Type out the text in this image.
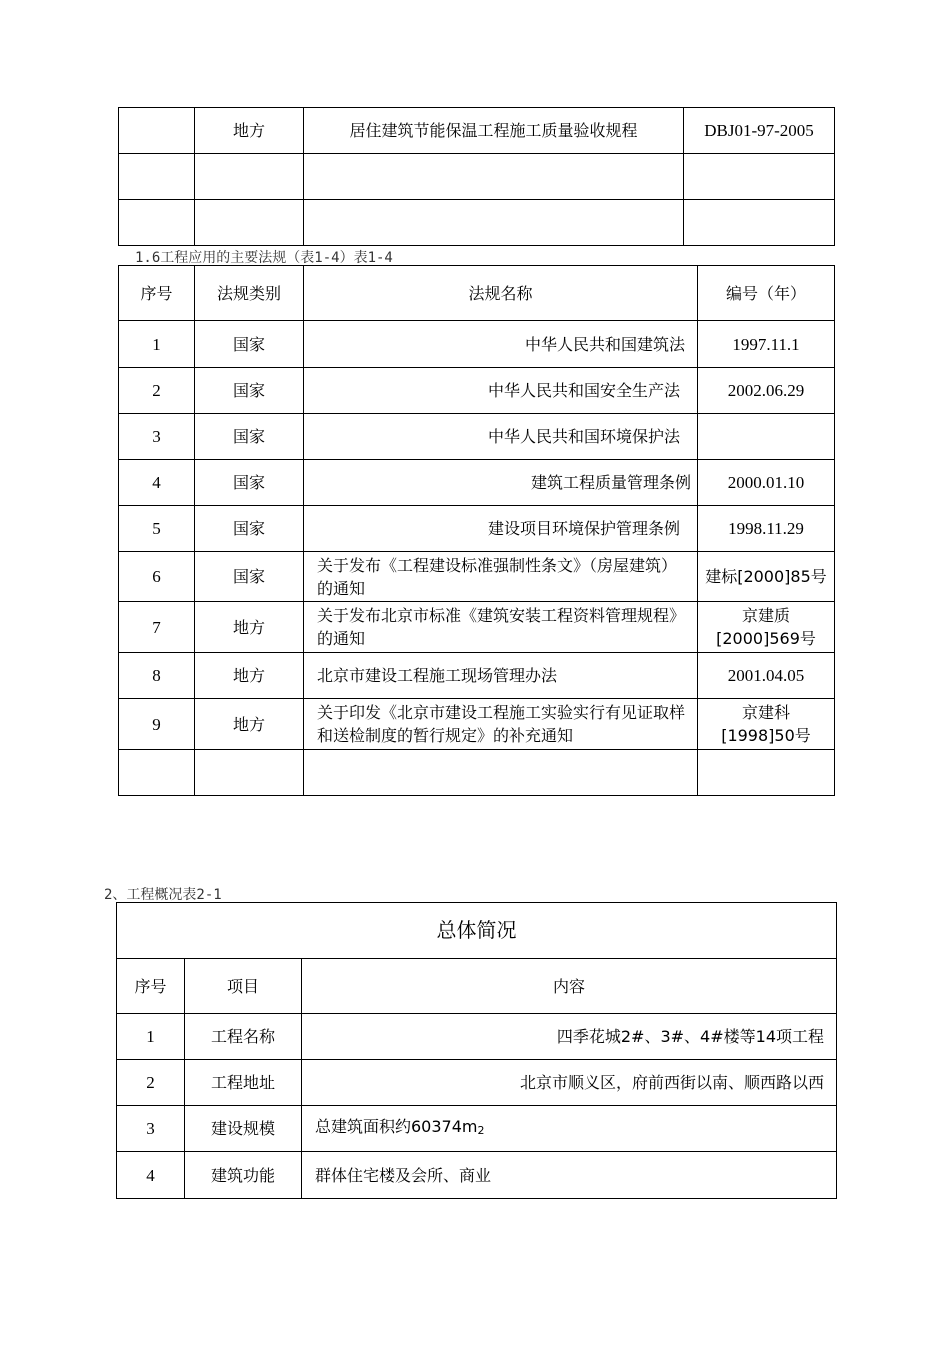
	地方	居住建筑节能保温工程施工质量验收规程	DBJ01-97-2005

1.6工程应用的主要法规（表1-4）表1-4
序号	法规类别	法规名称	编号（年）
1	国家	中华人民共和国建筑法	1997.11.1
2	国家	中华人民共和国安全生产法	2002.06.29
3	国家	中华人民共和国环境保护法	
4	国家	建筑工程质量管理条例	2000.01.10
5	国家	建设项目环境保护管理条例	1998.11.29
6	国家	关于发布《工程建设标准强制性条文》（房屋建筑）的通知	建标[2000]85号
7	地方	关于发布北京市标准《建筑安装工程资料管理规程》的通知	京建质[2000]569号
8	地方	北京市建设工程施工现场管理办法	2001.04.05
9	地方	关于印发《北京市建设工程施工实验实行有见证取样和送检制度的暂行规定》的补充通知	京建科[1998]50号

2、工程概况表2-1
总体简况		
序号	项目	内容
1	工程名称	四季花城2#、3#、4#楼等14项工程
2	工程地址	北京市顺义区，府前西街以南、顺西路以西
3	建设规模	总建筑面积约$60374m_2$
4	建筑功能	群体住宅楼及会所、商业
